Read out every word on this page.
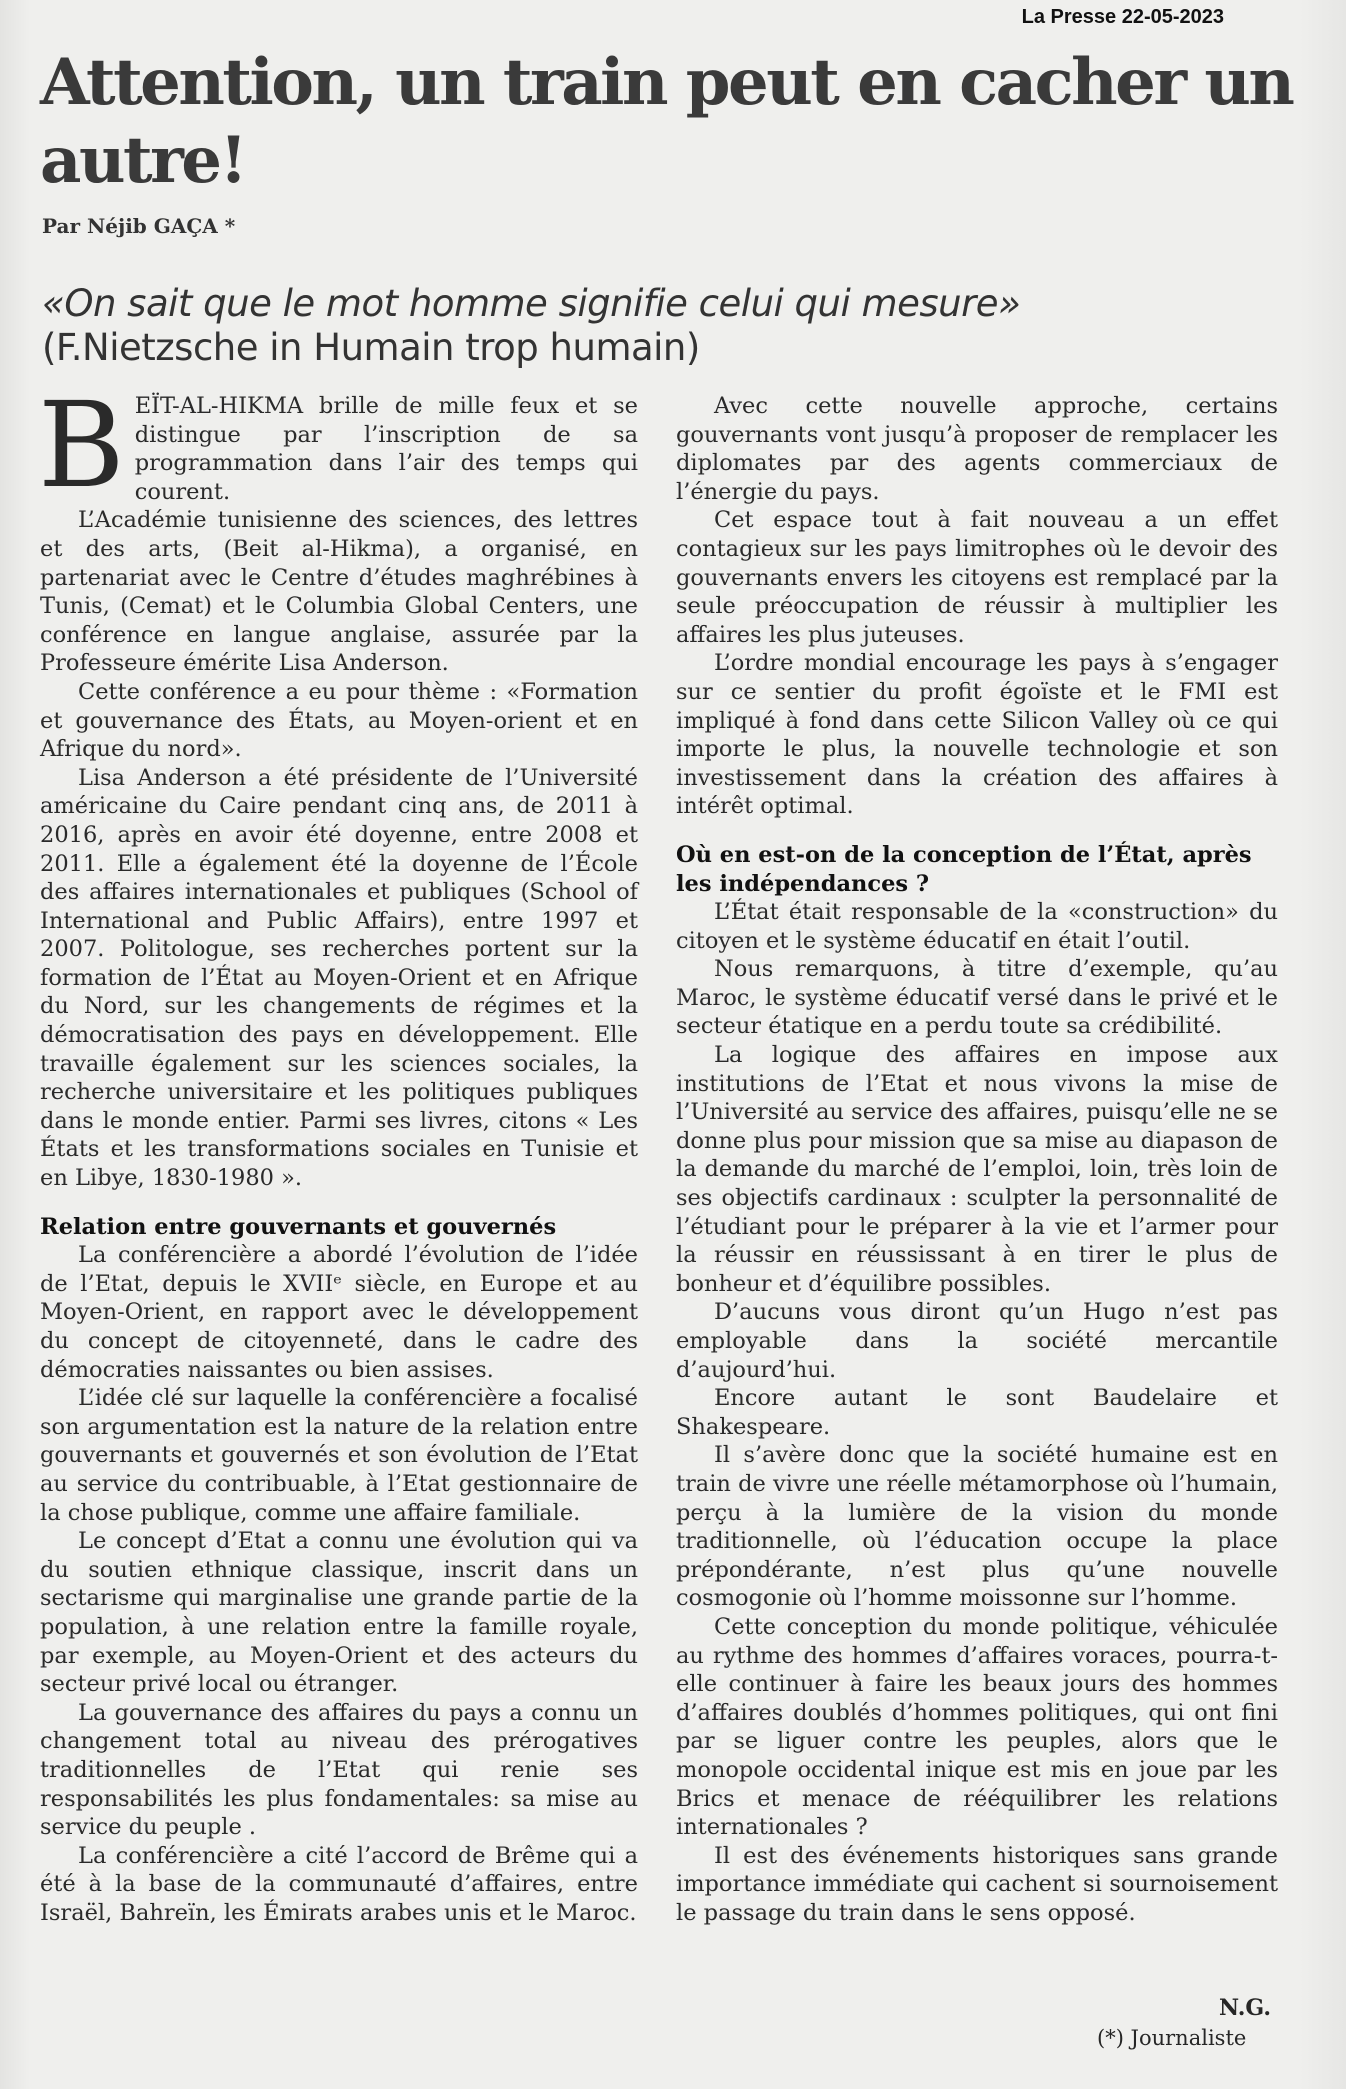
La Presse 22-05-2023
Attention, un train peut en cacher un autre!
Par Néjib GAÇA *

«On sait que le mot homme signifie celui qui mesure»

(F.Nietzsche in Humain trop humain)

BEÏT-AL-HIKMA brille de mille feux et se distingue par l’inscription de sa programmation dans l’air des temps qui courent.

L’Académie tunisienne des sciences, des lettres et des arts, (Beit al-Hikma), a organisé, en partenariat avec le Centre d’études maghrébines à Tunis, (Cemat) et le Columbia Global Centers, une conférence en langue anglaise, assurée par la Professeure émérite Lisa Anderson.

Cette conférence a eu pour thème : «Formation et gouvernance des États, au Moyen-orient et en Afrique du nord».

Lisa Anderson a été présidente de l’Université américaine du Caire pendant cinq ans, de 2011 à 2016, après en avoir été doyenne, entre 2008 et 2011. Elle a également été la doyenne de l’École des affaires internationales et publiques (School of International and Public Affairs), entre 1997 et 2007. Politologue, ses recherches portent sur la formation de l’État au Moyen-Orient et en Afrique du Nord, sur les changements de régimes et la démocratisation des pays en développement. Elle travaille également sur les sciences sociales, la recherche universitaire et les politiques publiques dans le monde entier. Parmi ses livres, citons « Les États et les transformations sociales en Tunisie et en Libye, 1830-1980 ».

Relation entre gouvernants et gouvernés

La conférencière a abordé l’évolution de l’idée de l’Etat, depuis le XVIIᵉ siècle, en Europe et au Moyen-Orient, en rapport avec le développement du concept de citoyenneté, dans le cadre des démocraties naissantes ou bien assises.

L’idée clé sur laquelle la conférencière a focalisé son argumentation est la nature de la relation entre gouvernants et gouvernés et son évolution de l’Etat au service du contribuable, à l’Etat gestionnaire de la chose publique, comme une affaire familiale.

Le concept d’Etat a connu une évolution qui va du soutien ethnique classique, inscrit dans un sectarisme qui marginalise une grande partie de la population, à une relation entre la famille royale, par exemple, au Moyen-Orient et des acteurs du secteur privé local ou étranger.

La gouvernance des affaires du pays a connu un changement total au niveau des prérogatives traditionnelles de l’Etat qui renie ses responsabilités les plus fondamentales: sa mise au service du peuple .

La conférencière a cité l’accord de Brême qui a été à la base de la communauté d’affaires, entre Israël, Bahreïn, les Émirats arabes unis et le Maroc.

Avec cette nouvelle approche, certains gouvernants vont jusqu’à proposer de remplacer les diplomates par des agents commerciaux de l’énergie du pays.

Cet espace tout à fait nouveau a un effet contagieux sur les pays limitrophes où le devoir des gouvernants envers les citoyens est remplacé par la seule préoccupation de réussir à multiplier les affaires les plus juteuses.

L’ordre mondial encourage les pays à s’engager sur ce sentier du profit égoïste et le FMI est impliqué à fond dans cette Silicon Valley où ce qui importe le plus, la nouvelle technologie et son investissement dans la création des affaires à intérêt optimal.

Où en est-on de la conception de l’État, après les indépendances ?

L’État était responsable de la «construction» du citoyen et le système éducatif en était l’outil.

Nous remarquons, à titre d’exemple, qu’au Maroc, le système éducatif versé dans le privé et le secteur étatique en a perdu toute sa crédibilité.

La logique des affaires en impose aux institutions de l’Etat et nous vivons la mise de l’Université au service des affaires, puisqu’elle ne se donne plus pour mission que sa mise au diapason de la demande du marché de l’emploi, loin, très loin de ses objectifs cardinaux : sculpter la personnalité de l’étudiant pour le préparer à la vie et l’armer pour la réussir en réussissant à en tirer le plus de bonheur et d’équilibre possibles.

D’aucuns vous diront qu’un Hugo n’est pas employable dans la société mercantile d’aujourd’hui.

Encore autant le sont Baudelaire et Shakespeare.

Il s’avère donc que la société humaine est en train de vivre une réelle métamorphose où l’humain, perçu à la lumière de la vision du monde traditionnelle, où l’éducation occupe la place prépondérante, n’est plus qu’une nouvelle cosmogonie où l’homme moissonne sur l’homme.

Cette conception du monde politique, véhiculée au rythme des hommes d’affaires voraces, pourra-t-elle continuer à faire les beaux jours des hommes d’affaires doublés d’hommes politiques, qui ont fini par se liguer contre les peuples, alors que le monopole occidental inique est mis en joue par les Brics et menace de rééquilibrer les relations internationales ?

Il est des événements historiques sans grande importance immédiate qui cachent si sournoisement le passage du train dans le sens opposé.

N.G.
(*) Journaliste
